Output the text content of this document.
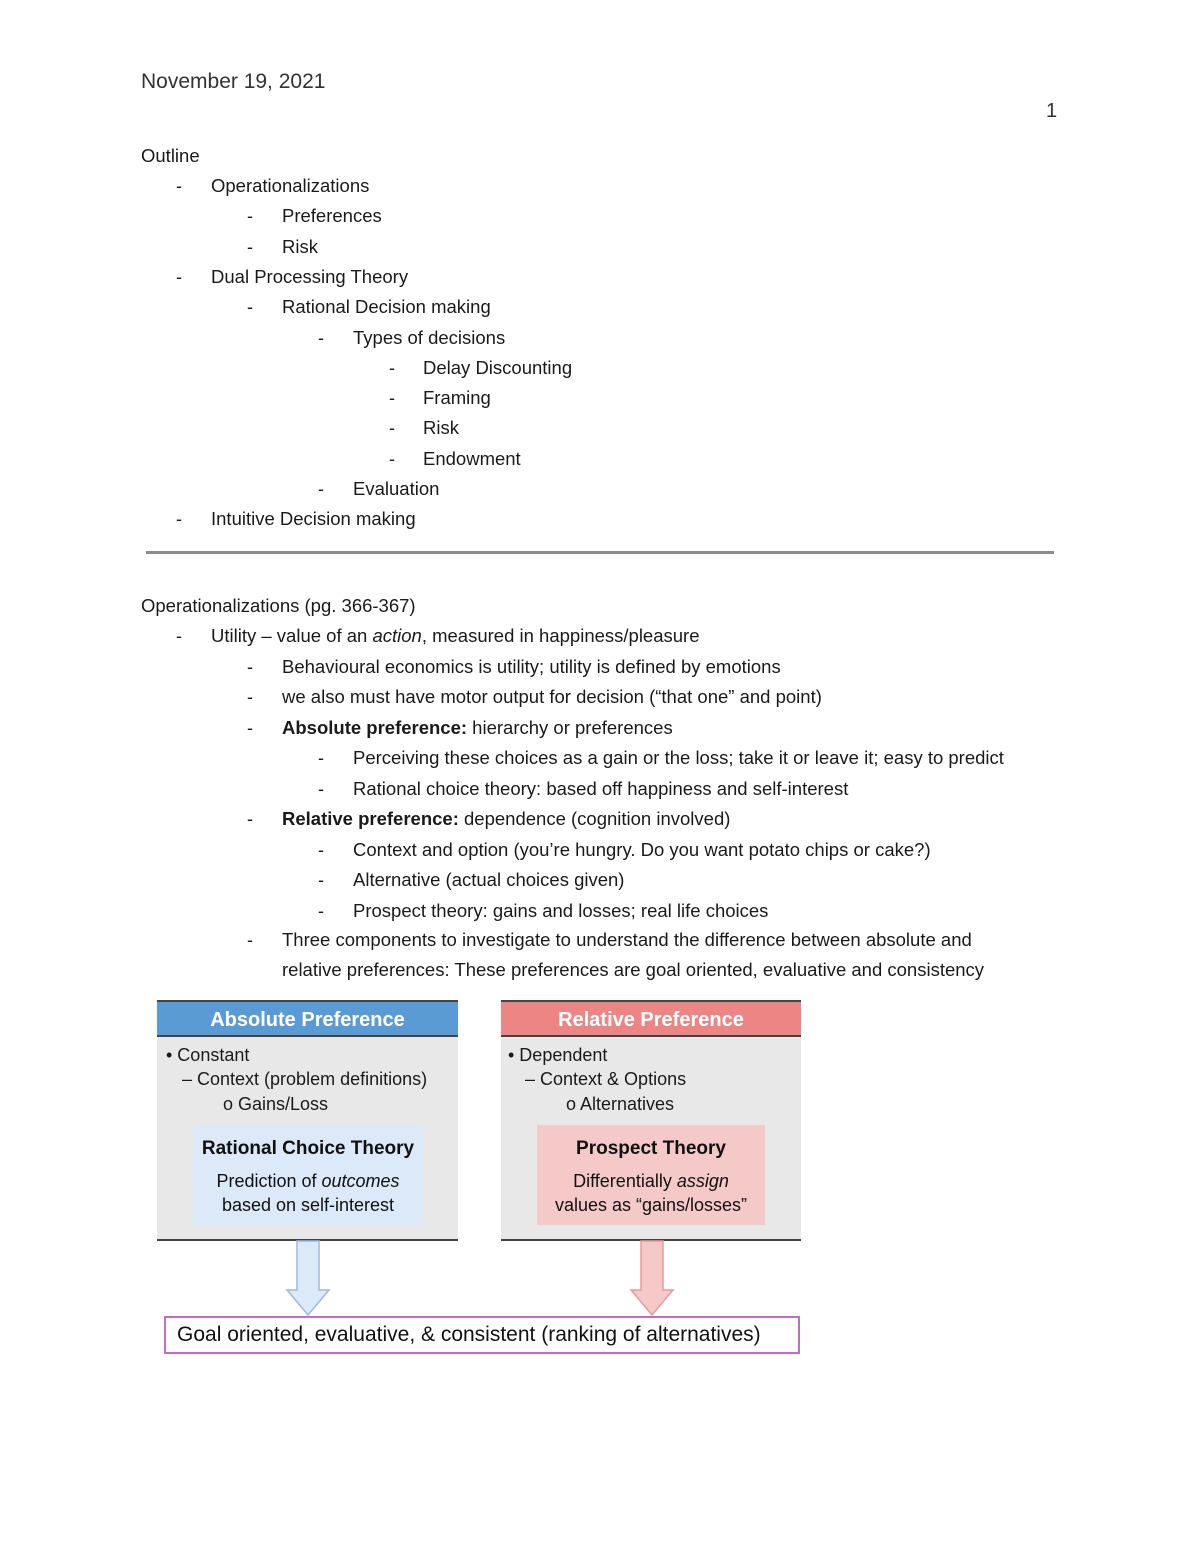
November 19, 2021
1
Outline
- Operationalizations
- Preferences
- Risk
- Dual Processing Theory
- Rational Decision making
- Types of decisions
- Delay Discounting
- Framing
- Risk
- Endowment
- Evaluation
- Intuitive Decision making
Operationalizations (pg. 366-367)
- Utility – value of an action, measured in happiness/pleasure
- Behavioural economics is utility; utility is defined by emotions
- we also must have motor output for decision (“that one” and point)
- Absolute preference: hierarchy or preferences
- Perceiving these choices as a gain or the loss; take it or leave it; easy to predict
- Rational choice theory: based off happiness and self-interest
- Relative preference: dependence (cognition involved)
- Context and option (you’re hungry. Do you want potato chips or cake?)
- Alternative (actual choices given)
- Prospect theory: gains and losses; real life choices
- Three components to investigate to understand the difference between absolute and
relative preferences: These preferences are goal oriented, evaluative and consistency
Absolute Preference
• Constant
– Context (problem definitions)
o Gains/Loss
Rational Choice Theory
Prediction of outcomes
based on self-interest
Relative Preference
• Dependent
– Context & Options
o Alternatives
Prospect Theory
Differentially assign
values as “gains/losses”
Goal oriented, evaluative, & consistent (ranking of alternatives)
